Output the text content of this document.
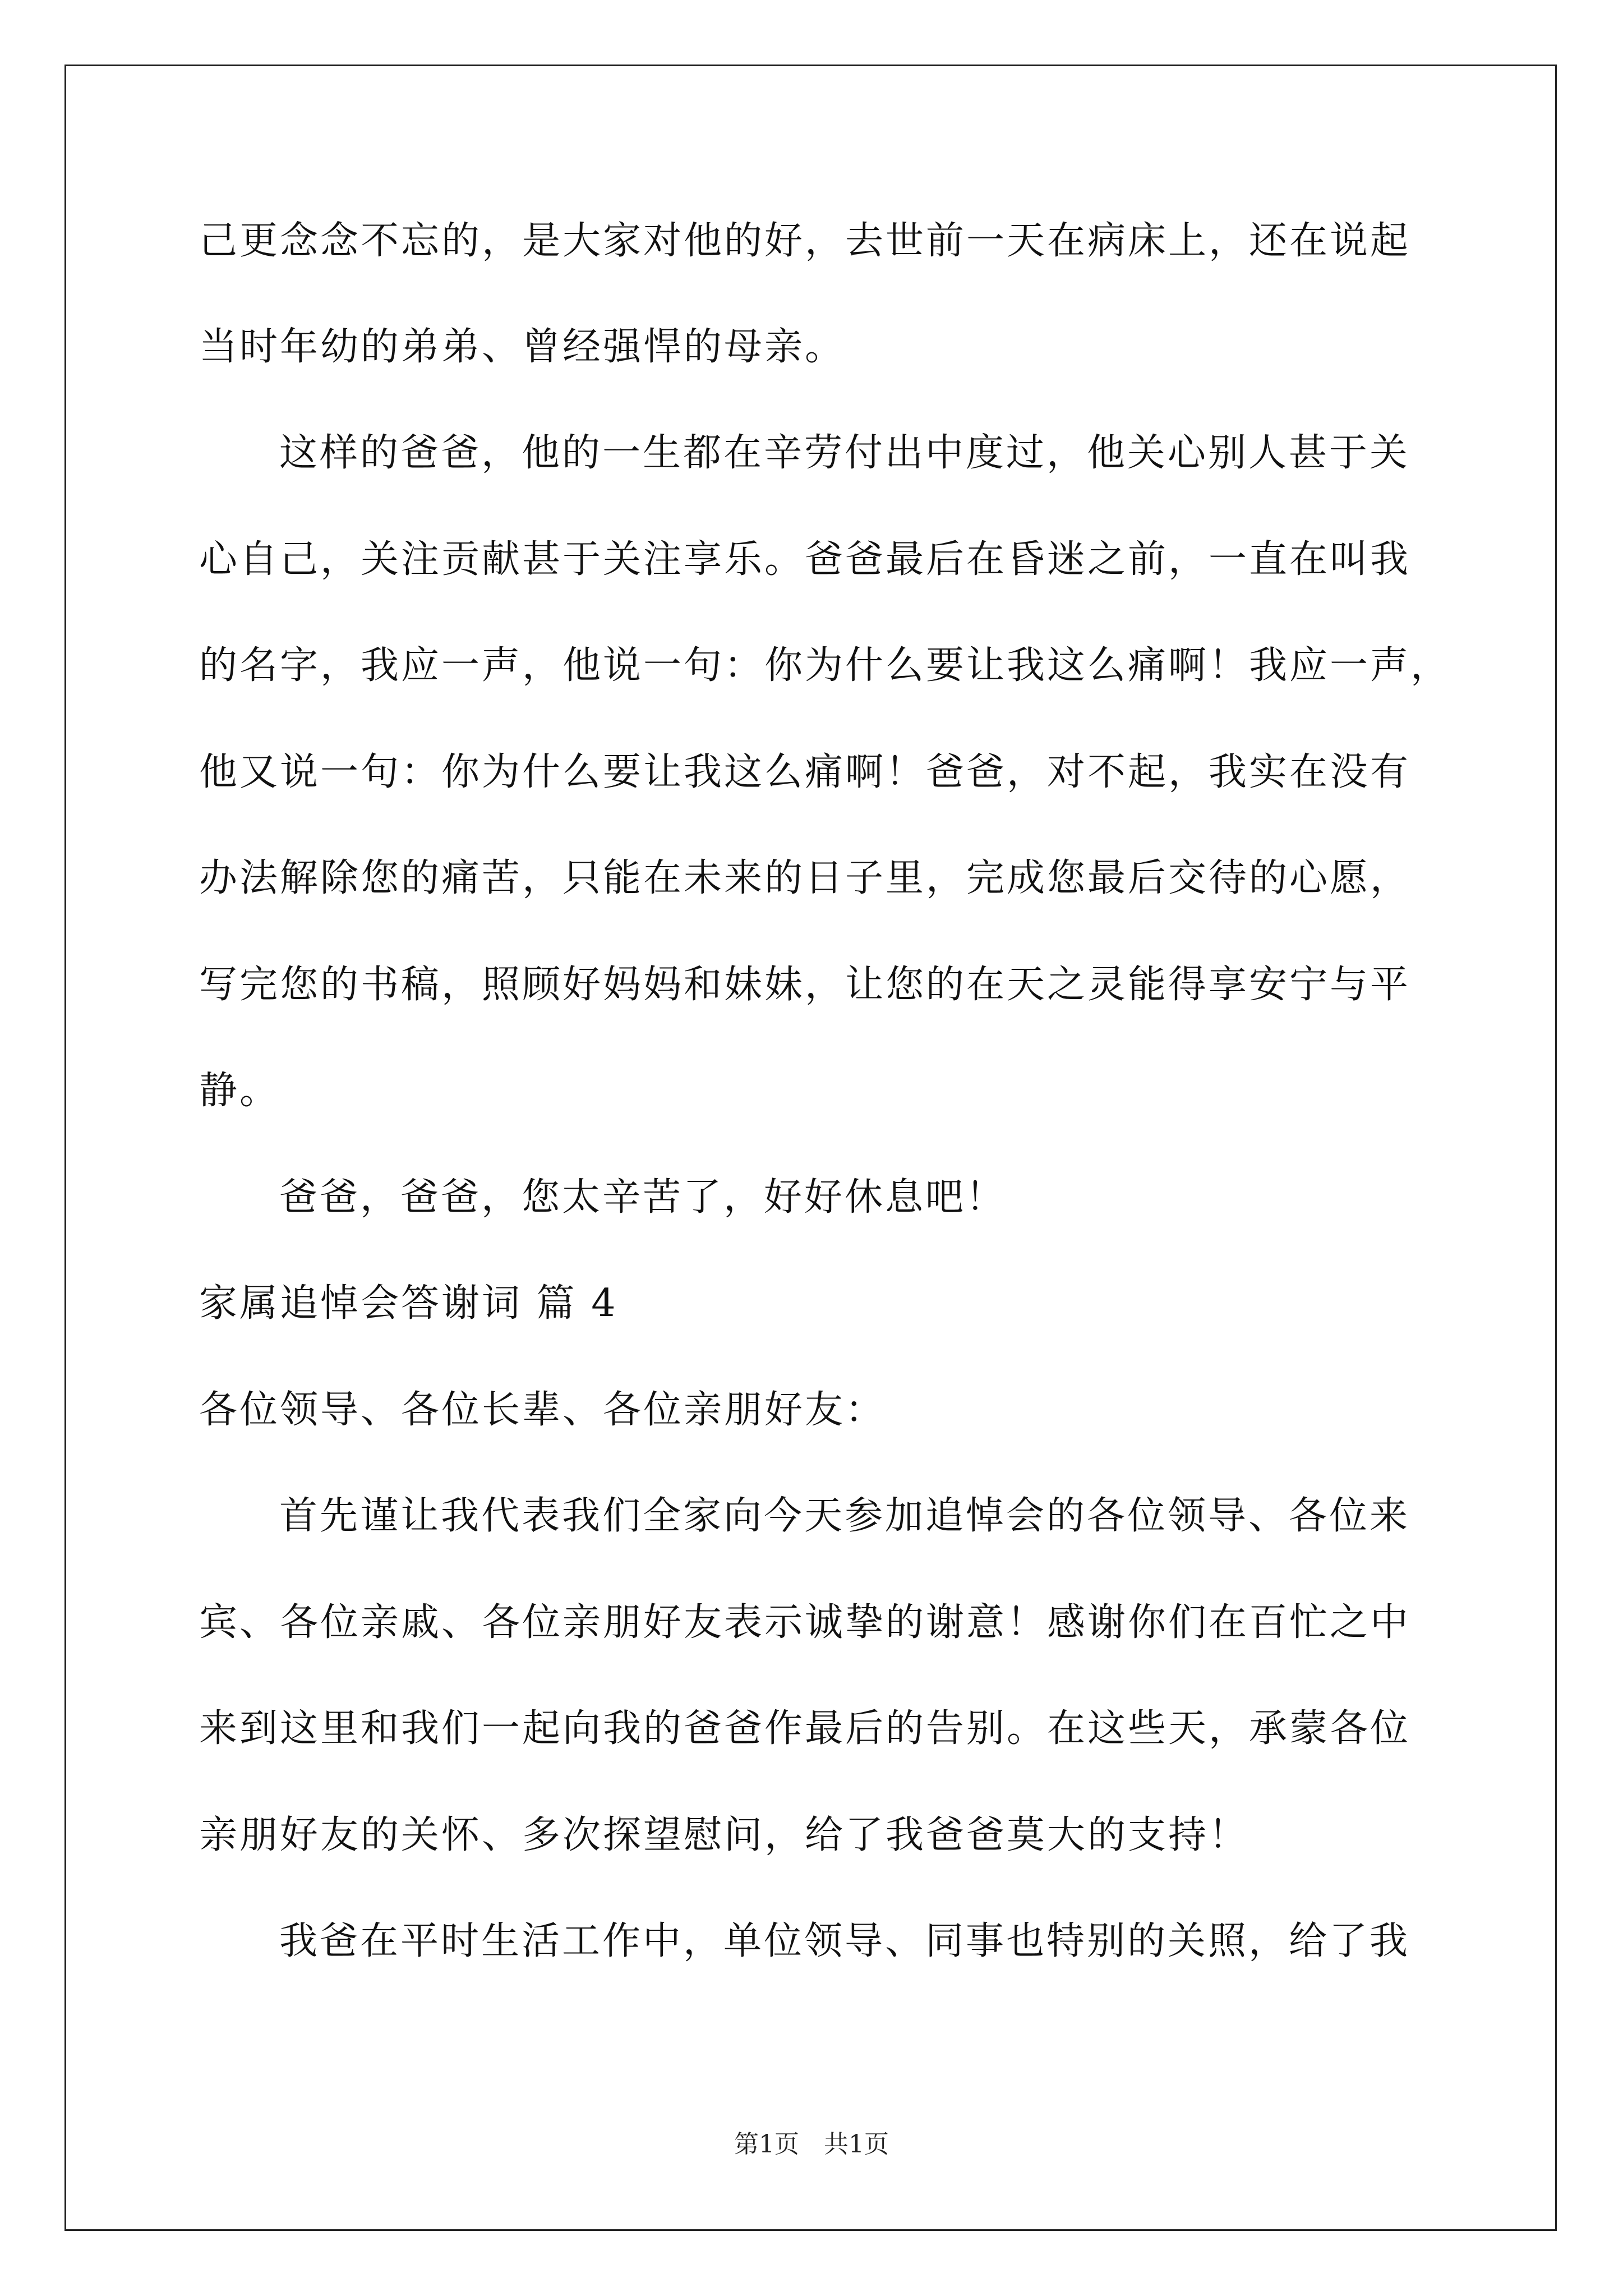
己更念念不忘的，是大家对他的好，去世前一天在病床上，还在说起
当时年幼的弟弟、曾经强悍的母亲。
这样的爸爸，他的一生都在辛劳付出中度过，他关心别人甚于关
心自己，关注贡献甚于关注享乐。爸爸最后在昏迷之前，一直在叫我
的名字，我应一声，他说一句：你为什么要让我这么痛啊！我应一声，
他又说一句：你为什么要让我这么痛啊！爸爸，对不起，我实在没有
办法解除您的痛苦，只能在未来的日子里，完成您最后交待的心愿，
写完您的书稿，照顾好妈妈和妹妹，让您的在天之灵能得享安宁与平
静。
爸爸，爸爸，您太辛苦了，好好休息吧！
家属追悼会答谢词 篇 4
各位领导、各位长辈、各位亲朋好友：
首先谨让我代表我们全家向今天参加追悼会的各位领导、各位来
宾、各位亲戚、各位亲朋好友表示诚挚的谢意！感谢你们在百忙之中
来到这里和我们一起向我的爸爸作最后的告别。在这些天，承蒙各位
亲朋好友的关怀、多次探望慰问，给了我爸爸莫大的支持！
我爸在平时生活工作中，单位领导、同事也特别的关照，给了我
第1页　共1页
